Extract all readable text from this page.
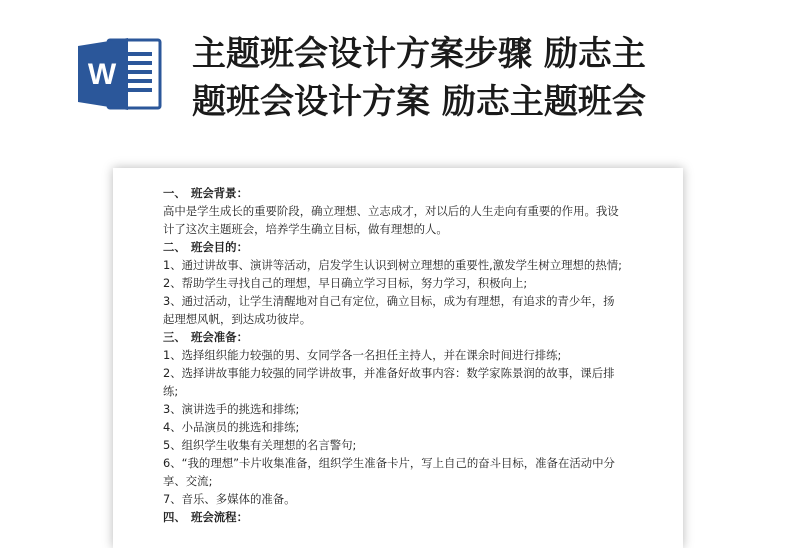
W
主题班会设计方案步骤 励志主
题班会设计方案 励志主题班会

一、 班会背景：

高中是学生成长的重要阶段，确立理想、立志成才，对以后的人生走向有重要的作用。我设

计了这次主题班会，培养学生确立目标，做有理想的人。

二、 班会目的：

1、通过讲故事、演讲等活动，启发学生认识到树立理想的重要性,激发学生树立理想的热情;

2、帮助学生寻找自己的理想，早日确立学习目标，努力学习，积极向上;

3、通过活动，让学生清醒地对自己有定位，确立目标，成为有理想，有追求的青少年，扬

起理想风帆，到达成功彼岸。

三、 班会准备：

1、选择组织能力较强的男、女同学各一名担任主持人，并在课余时间进行排练;

2、选择讲故事能力较强的同学讲故事，并准备好故事内容：数学家陈景润的故事，课后排

练;

3、演讲选手的挑选和排练;

4、小品演员的挑选和排练;

5、组织学生收集有关理想的名言警句;

6、“我的理想”卡片收集准备，组织学生准备卡片，写上自己的奋斗目标，准备在活动中分

享、交流;

7、音乐、多媒体的准备。

四、 班会流程：
